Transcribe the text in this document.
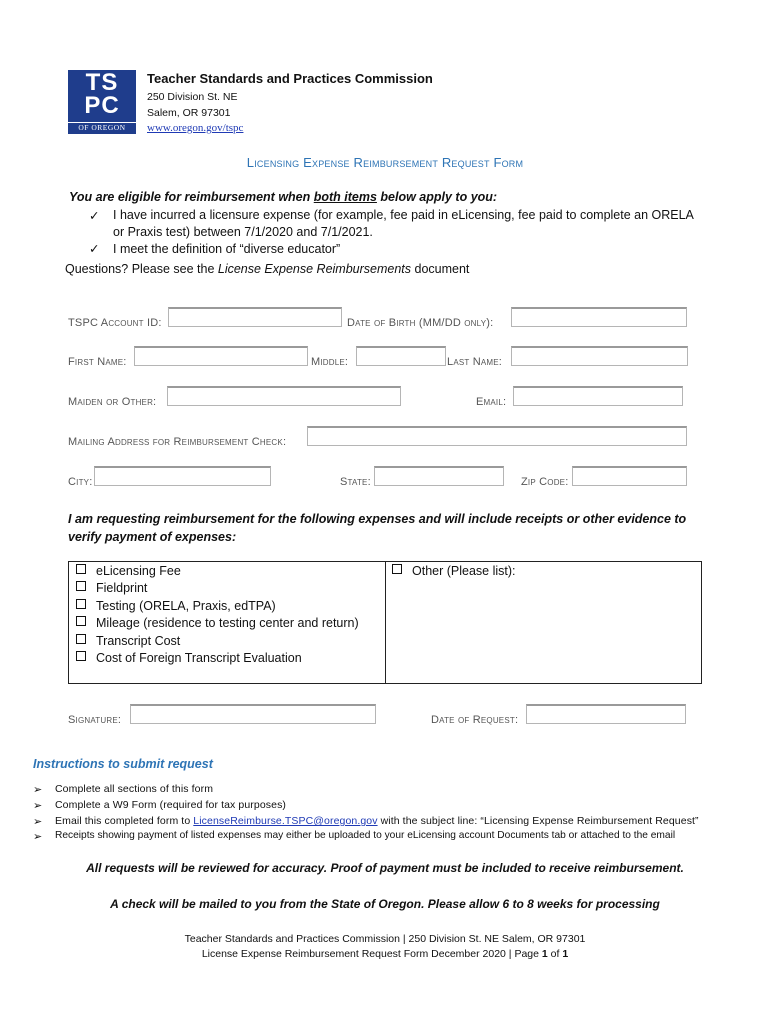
TS
PC
OF OREGON
Teacher Standards and Practices Commission
250 Division St. NE
Salem, OR 97301
www.oregon.gov/tspc
Licensing Expense Reimbursement Request Form
You are eligible for reimbursement when both items below apply to you:
✓ I have incurred a licensure expense (for example, fee paid in eLicensing, fee paid to complete an ORELA
or Praxis test) between 7/1/2020 and 7/1/2021.
✓ I meet the definition of “diverse educator”
Questions? Please see the License Expense Reimbursements document
TSPC Account ID:	Date of Birth (MM/DD only):
First Name:	Middle:	Last Name:
Maiden or Other:	Email:
Mailing Address for Reimbursement Check:
City:	State:	Zip Code:
I am requesting reimbursement for the following expenses and will include receipts or other evidence to verify payment of expenses:
eLicensing Fee
Fieldprint
Testing (ORELA, Praxis, edTPA)
Mileage (residence to testing center and return)
Transcript Cost
Cost of Foreign Transcript Evaluation
Other (Please list):
Signature:	Date of Request:
Instructions to submit request
➢ Complete all sections of this form
➢ Complete a W9 Form (required for tax purposes)
➢ Email this completed form to LicenseReimburse.TSPC@oregon.gov with the subject line: “Licensing Expense Reimbursement Request”
➢ Receipts showing payment of listed expenses may either be uploaded to your eLicensing account Documents tab or attached to the email
All requests will be reviewed for accuracy. Proof of payment must be included to receive reimbursement.
A check will be mailed to you from the State of Oregon. Please allow 6 to 8 weeks for processing
Teacher Standards and Practices Commission | 250 Division St. NE Salem, OR 97301
License Expense Reimbursement Request Form December 2020 | Page 1 of 1
